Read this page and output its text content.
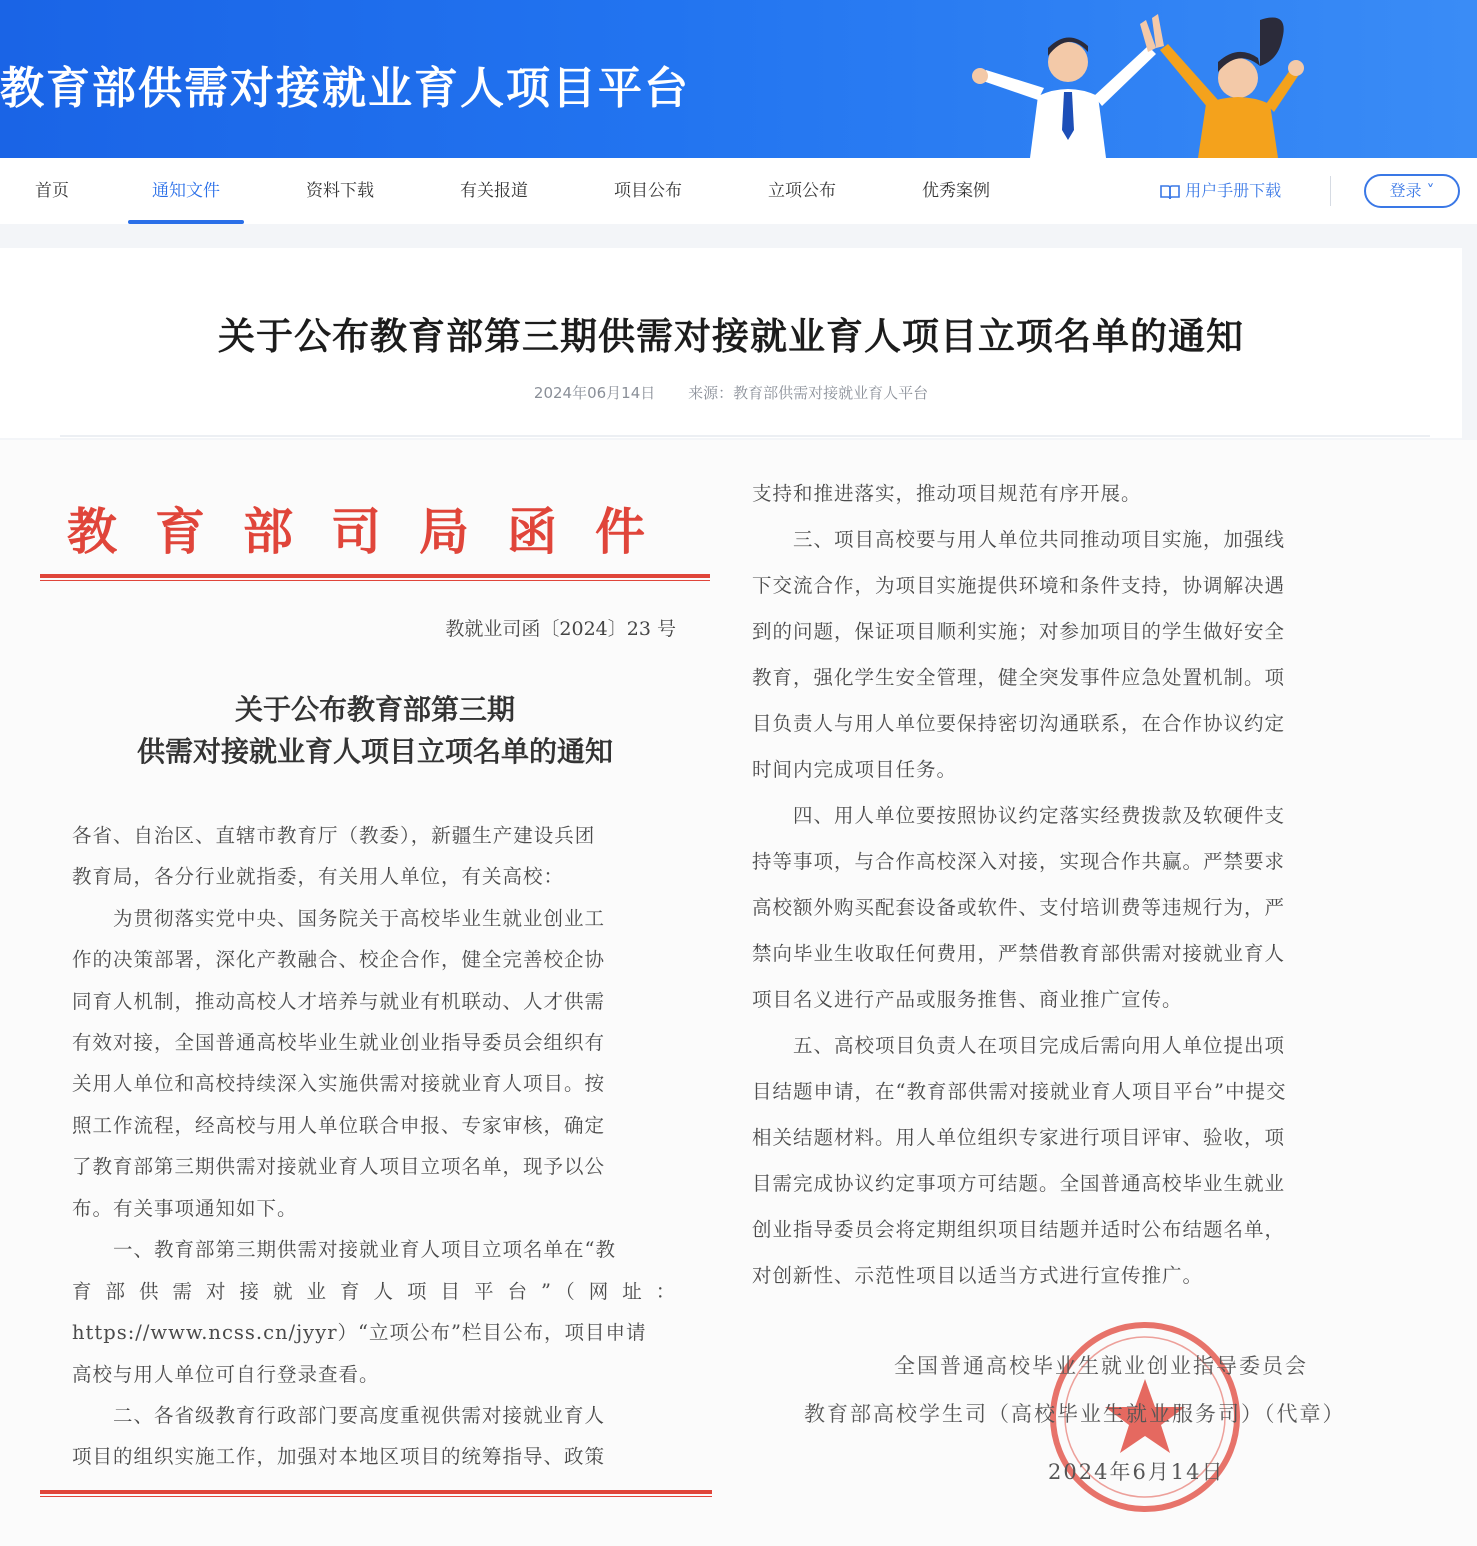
教育部供需对接就业育人项目平台
首页	通知文件	资料下载	有关报道	项目公布	立项公布	优秀案例	用户手册下载	登录 ˅
关于公布教育部第三期供需对接就业育人项目立项名单的通知
2024年06月14日 来源：教育部供需对接就业育人平台
教育部司局函件
教就业司函〔2024〕23 号
关于公布教育部第三期
供需对接就业育人项目立项名单的通知
各省、自治区、直辖市教育厅（教委），新疆生产建设兵团
教育局，各分行业就指委，有关用人单位，有关高校：
　　为贯彻落实党中央、国务院关于高校毕业生就业创业工
作的决策部署，深化产教融合、校企合作，健全完善校企协
同育人机制，推动高校人才培养与就业有机联动、人才供需
有效对接，全国普通高校毕业生就业创业指导委员会组织有
关用人单位和高校持续深入实施供需对接就业育人项目。按
照工作流程，经高校与用人单位联合申报、专家审核，确定
了教育部第三期供需对接就业育人项目立项名单，现予以公
布。有关事项通知如下。
　　一、教育部第三期供需对接就业育人项目立项名单在“教
育部供需对接就业育人项目平台”（网址：
https://www.ncss.cn/jyyr）“立项公布”栏目公布，项目申请
高校与用人单位可自行登录查看。
　　二、各省级教育行政部门要高度重视供需对接就业育人
项目的组织实施工作，加强对本地区项目的统筹指导、政策
支持和推进落实，推动项目规范有序开展。
　　三、项目高校要与用人单位共同推动项目实施，加强线
下交流合作，为项目实施提供环境和条件支持，协调解决遇
到的问题，保证项目顺利实施；对参加项目的学生做好安全
教育，强化学生安全管理，健全突发事件应急处置机制。项
目负责人与用人单位要保持密切沟通联系，在合作协议约定
时间内完成项目任务。
　　四、用人单位要按照协议约定落实经费拨款及软硬件支
持等事项，与合作高校深入对接，实现合作共赢。严禁要求
高校额外购买配套设备或软件、支付培训费等违规行为，严
禁向毕业生收取任何费用，严禁借教育部供需对接就业育人
项目名义进行产品或服务推售、商业推广宣传。
　　五、高校项目负责人在项目完成后需向用人单位提出项
目结题申请，在“教育部供需对接就业育人项目平台”中提交
相关结题材料。用人单位组织专家进行项目评审、验收，项
目需完成协议约定事项方可结题。全国普通高校毕业生就业
创业指导委员会将定期组织项目结题并适时公布结题名单，
对创新性、示范性项目以适当方式进行宣传推广。
全国普通高校毕业生就业创业指导委员会
教育部高校学生司（高校毕业生就业服务司）（代章）
2024年6月14日
